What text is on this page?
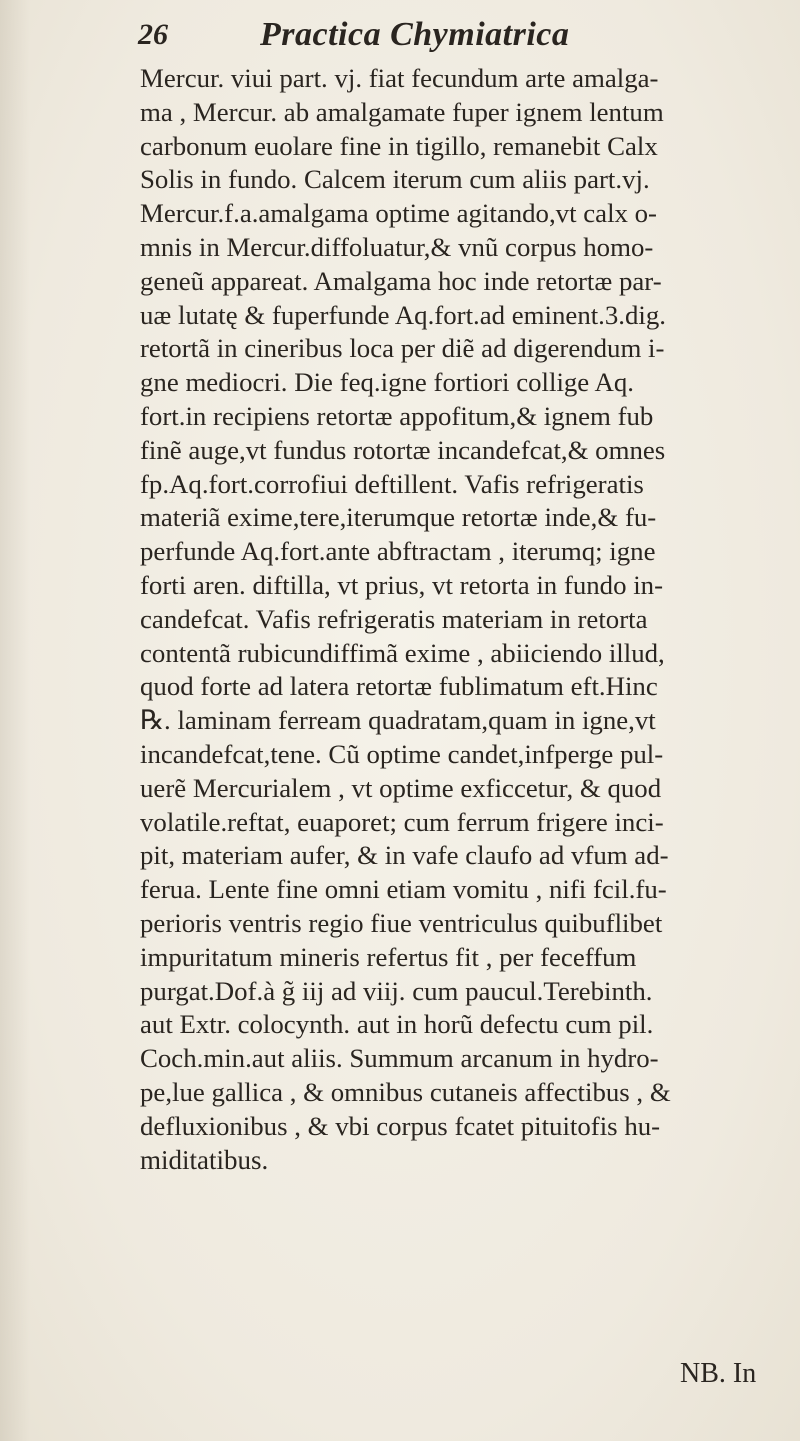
26	Practica Chymiatrica
Mercur. viui part. vj. fiat fecundum arte amalga-
ma , Mercur. ab amalgamate fuper ignem lentum
carbonum euolare fine in tigillo, remanebit Calx
Solis in fundo. Calcem iterum cum aliis part.vj.
Mercur.f.a.amalgama optime agitando,vt calx o-
mnis in Mercur.diffoluatur,& vnũ corpus homo-
geneũ appareat. Amalgama hoc inde retortæ par-
uæ lutatę & fuperfunde Aq.fort.ad eminent.3.dig.
retortã in cineribus loca per diẽ ad digerendum i-
gne mediocri. Die feq.igne fortiori collige Aq.
fort.in recipiens retortæ appofitum,& ignem fub
finẽ auge,vt fundus rotortæ incandefcat,& omnes
fp.Aq.fort.corrofiui deftillent. Vafis refrigeratis
materiã exime,tere,iterumque retortæ inde,& fu-
perfunde Aq.fort.ante abftractam , iterumq; igne
forti aren. diftilla, vt prius, vt retorta in fundo in-
candefcat. Vafis refrigeratis materiam in retorta
contentã rubicundiffimã exime , abiiciendo illud,
quod forte ad latera retortæ fublimatum eft.Hinc
℞. laminam ferream quadratam,quam in igne,vt
incandefcat,tene. Cũ optime candet,infperge pul-
uerẽ Mercurialem , vt optime exficcetur, & quod
volatile.reftat, euaporet; cum ferrum frigere inci-
pit, materiam aufer, & in vafe claufo ad vfum ad-
ferua. Lente fine omni etiam vomitu , nifi fcil.fu-
perioris ventris regio fiue ventriculus quibuflibet
impuritatum mineris refertus fit , per feceffum
purgat.Dof.à g̃ iij ad viij. cum paucul.Terebinth.
aut Extr. colocynth. aut in horũ defectu cum pil.
Coch.min.aut aliis. Summum arcanum in hydro-
pe,lue gallica , & omnibus cutaneis affectibus , &
defluxionibus , & vbi corpus fcatet pituitofis hu-
miditatibus.
NB. In
